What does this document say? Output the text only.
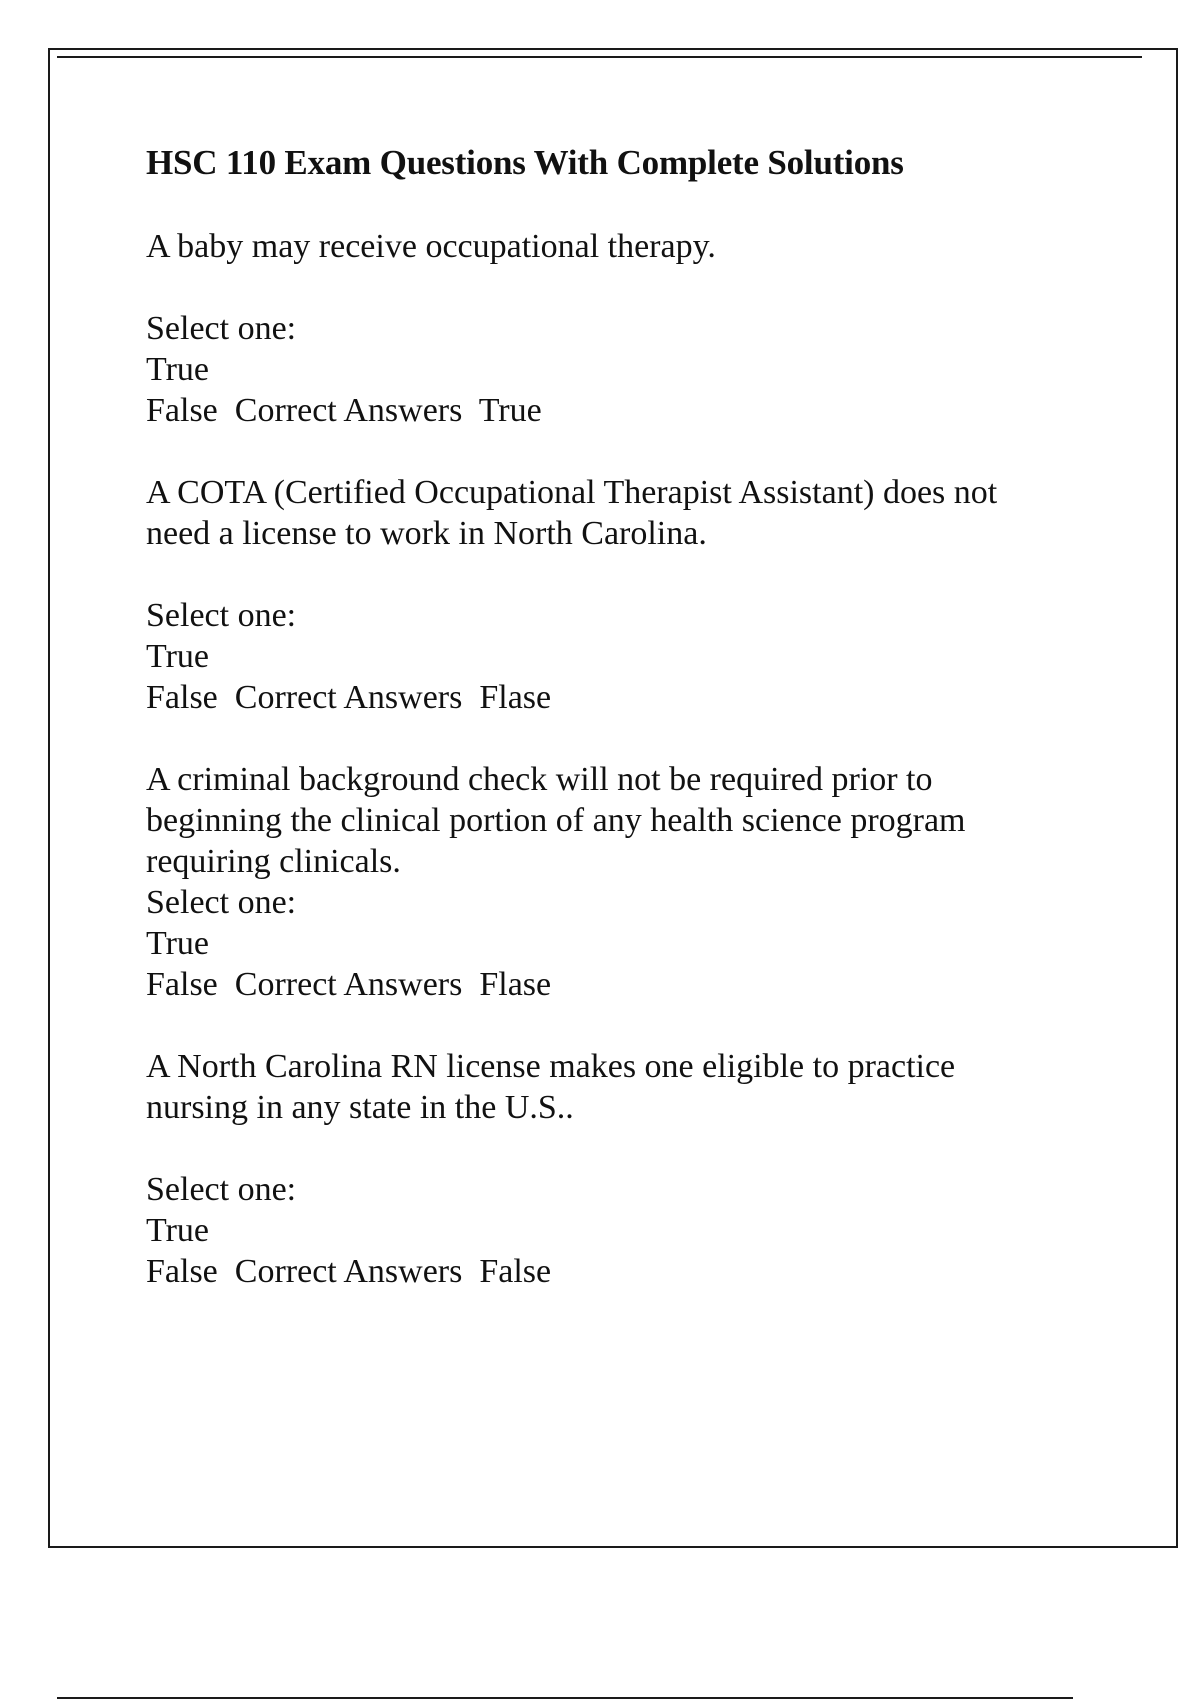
HSC 110 Exam Questions With Complete Solutions
A baby may receive occupational therapy.

Select one:
True
False Correct Answers True

A COTA (Certified Occupational Therapist Assistant) does not
need a license to work in North Carolina.

Select one:
True
False Correct Answers Flase

A criminal background check will not be required prior to
beginning the clinical portion of any health science program
requiring clinicals.
Select one:
True
False Correct Answers Flase

A North Carolina RN license makes one eligible to practice
nursing in any state in the U.S..

Select one:
True
False Correct Answers False
